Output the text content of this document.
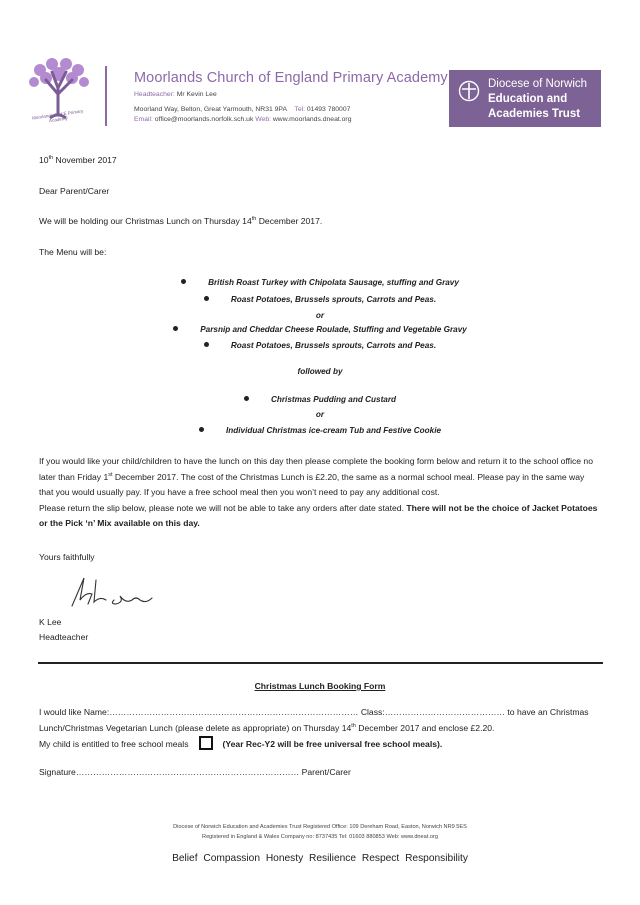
Moorlands C of E Primary Academy
Moorlands Church of England Primary Academy
Headteacher: Mr Kevin Lee
Moorland Way, Belton, Great Yarmouth, NR31 9PA Tel: 01493 780007
Email: office@moorlands.norfolk.sch.uk Web: www.moorlands.dneat.org
Diocese of Norwich
Education and
Academies Trust
10th November 2017
Dear Parent/Carer
We will be holding our Christmas Lunch on Thursday 14th December 2017.
The Menu will be:
British Roast Turkey with Chipolata Sausage, stuffing and Gravy
Roast Potatoes, Brussels sprouts, Carrots and Peas.
or
Parsnip and Cheddar Cheese Roulade, Stuffing and Vegetable Gravy
Roast Potatoes, Brussels sprouts, Carrots and Peas.
followed by
Christmas Pudding and Custard
or
Individual Christmas ice-cream Tub and Festive Cookie
If you would like your child/children to have the lunch on this day then please complete the booking form below and return it to the school office no later than Friday 1st December 2017. The cost of the Christmas Lunch is £2.20, the same as a normal school meal. Please pay in the same way that you would usually pay. If you have a free school meal then you won’t need to pay any additional cost.
Please return the slip below, please note we will not be able to take any orders after date stated. There will not be the choice of Jacket Potatoes or the Pick ‘n’ Mix available on this day.
Yours faithfully
K Lee
Headteacher
Christmas Lunch Booking Form
I would like Name:…………………………………………………………………………… Class:…………………………………… to have an Christmas
Lunch/Christmas Vegetarian Lunch (please delete as appropriate) on Thursday 14th December 2017 and enclose £2.20.
My child is entitled to free school meals	(Year Rec-Y2 will be free universal free school meals).
Signature…………………………………………………………………… Parent/Carer
Diocese of Norwich Education and Academies Trust Registered Office: 109 Dereham Road, Easton, Norwich NR9 5ES
Registered in England & Wales Company no: 8737435 Tel: 01603 880853 Web: www.dneat.org
Belief Compassion Honesty Resilience Respect Responsibility
